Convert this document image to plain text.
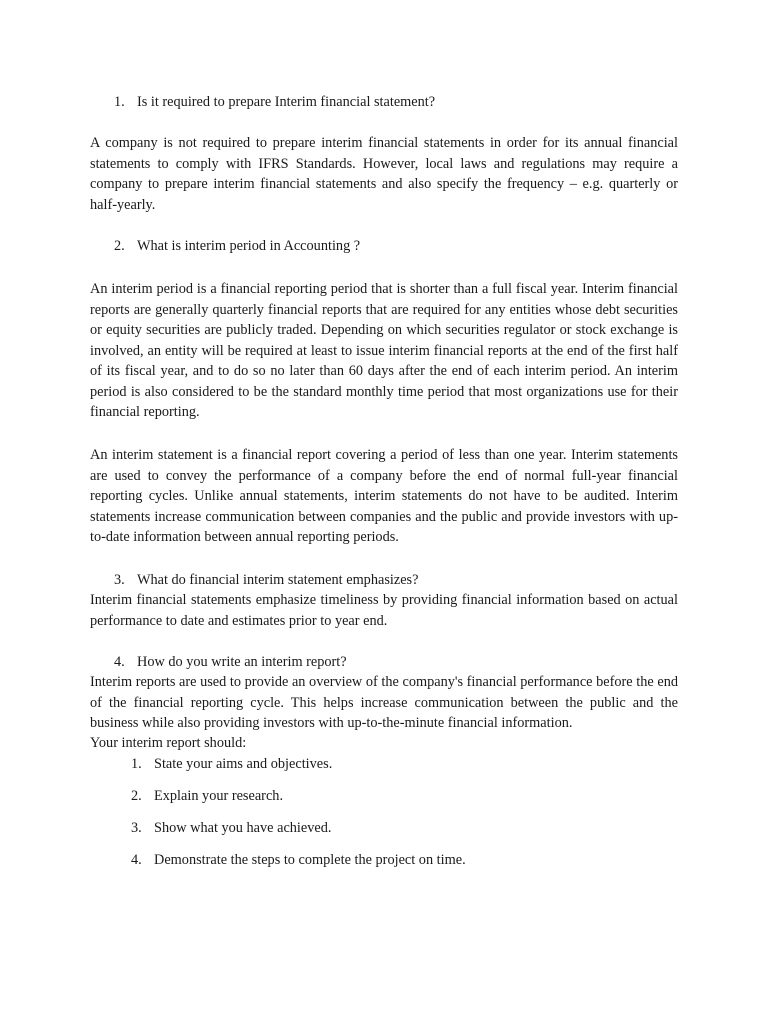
1. Is it required to prepare Interim financial statement?

A company is not required to prepare interim financial statements in order for its annual financial statements to comply with IFRS Standards. However, local laws and regulations may require a company to prepare interim financial statements and also specify the frequency – e.g. quarterly or half-yearly.

2. What is interim period in Accounting ?

An interim period is a financial reporting period that is shorter than a full fiscal year. Interim financial reports are generally quarterly financial reports that are required for any entities whose debt securities or equity securities are publicly traded. Depending on which securities regulator or stock exchange is involved, an entity will be required at least to issue interim financial reports at the end of the first half of its fiscal year, and to do so no later than 60 days after the end of each interim period. An interim period is also considered to be the standard monthly time period that most organizations use for their financial reporting.

An interim statement is a financial report covering a period of less than one year. Interim statements are used to convey the performance of a company before the end of normal full-year financial reporting cycles. Unlike annual statements, interim statements do not have to be audited. Interim statements increase communication between companies and the public and provide investors with up-to-date information between annual reporting periods.

3. What do financial interim statement emphasizes?

Interim financial statements emphasize timeliness by providing financial information based on actual performance to date and estimates prior to year end.

4. How do you write an interim report?

Interim reports are used to provide an overview of the company's financial performance before the end of the financial reporting cycle. This helps increase communication between the public and the business while also providing investors with up-to-the-minute financial information.

Your interim report should:
1. State your aims and objectives.
2. Explain your research.
3. Show what you have achieved.
4. Demonstrate the steps to complete the project on time.
